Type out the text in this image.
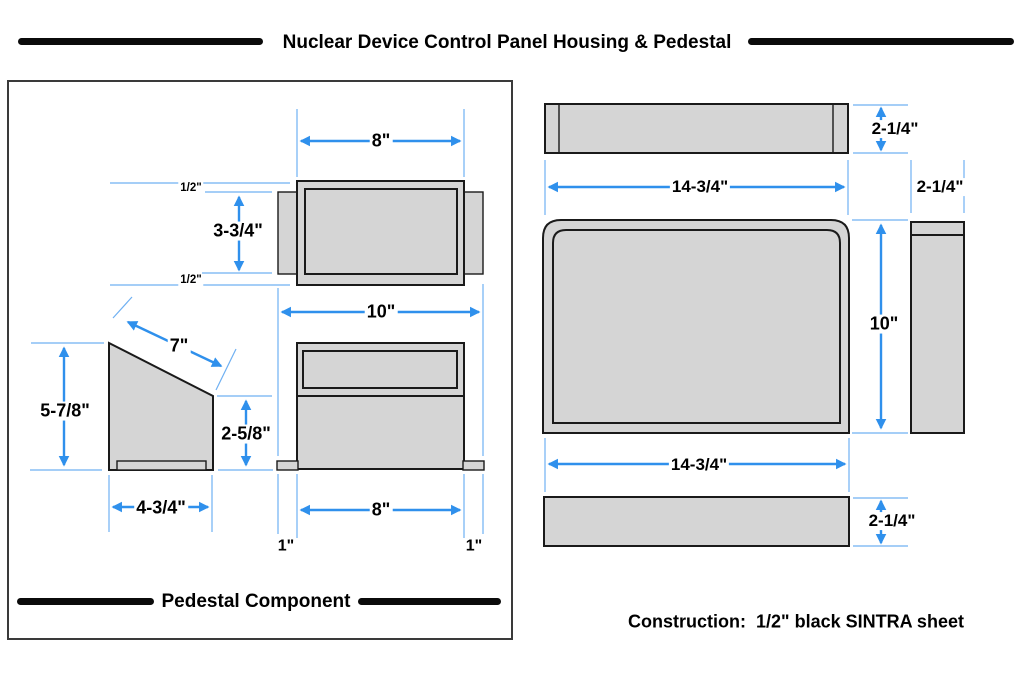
Nuclear Device Control Panel Housing & Pedestal
8"
1/2"
3-3/4"
1/2"
10"
8"
1"	1"
7"
5-7/8"
2-5/8"
4-3/4"
2-1/4"
14-3/4"	2-1/4"
10"
14-3/4"
2-1/4"
Pedestal Component
Construction:  1/2" black SINTRA sheet
